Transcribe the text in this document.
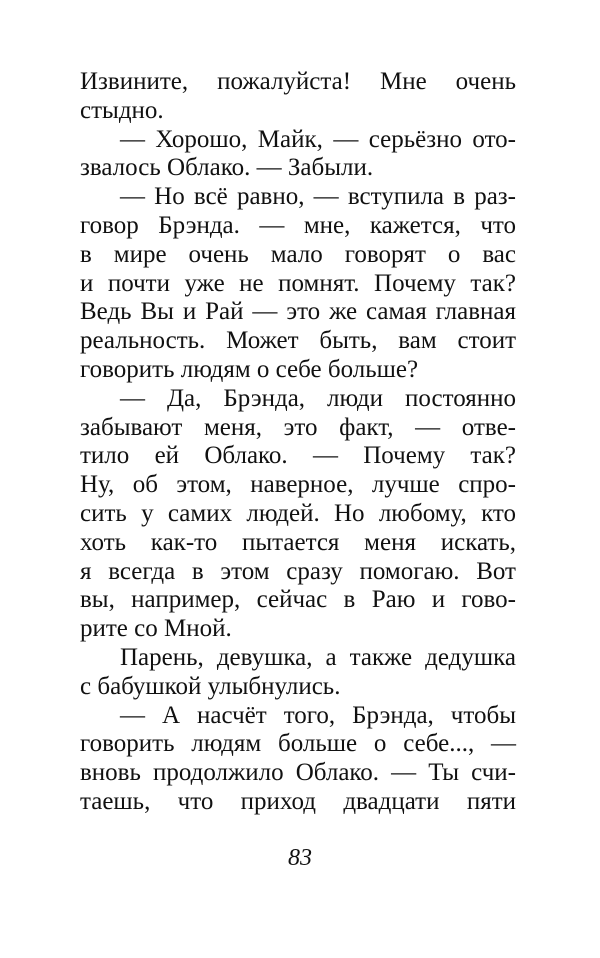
Извините, пожалуйста! Мне очень
стыдно.
— Хорошо, Майк, — серьёзно ото-
звалось Облако. — Забыли.
— Но всё равно, — вступила в раз-
говор Брэнда. — мне, кажется, что
в мире очень мало говорят о вас
и почти уже не помнят. Почему так?
Ведь Вы и Рай — это же самая главная
реальность. Может быть, вам стоит
говорить людям о себе больше?
— Да, Брэнда, люди постоянно
забывают меня, это факт, — отве-
тило ей Облако. — Почему так?
Ну, об этом, наверное, лучше спро-
сить у самих людей. Но любому, кто
хоть как-то пытается меня искать,
я всегда в этом сразу помогаю. Вот
вы, например, сейчас в Раю и гово-
рите со Мной.
Парень, девушка, а также дедушка
с бабушкой улыбнулись.
— А насчёт того, Брэнда, чтобы
говорить людям больше о себе..., —
вновь продолжило Облако. — Ты счи-
таешь, что приход двадцати пяти
83
